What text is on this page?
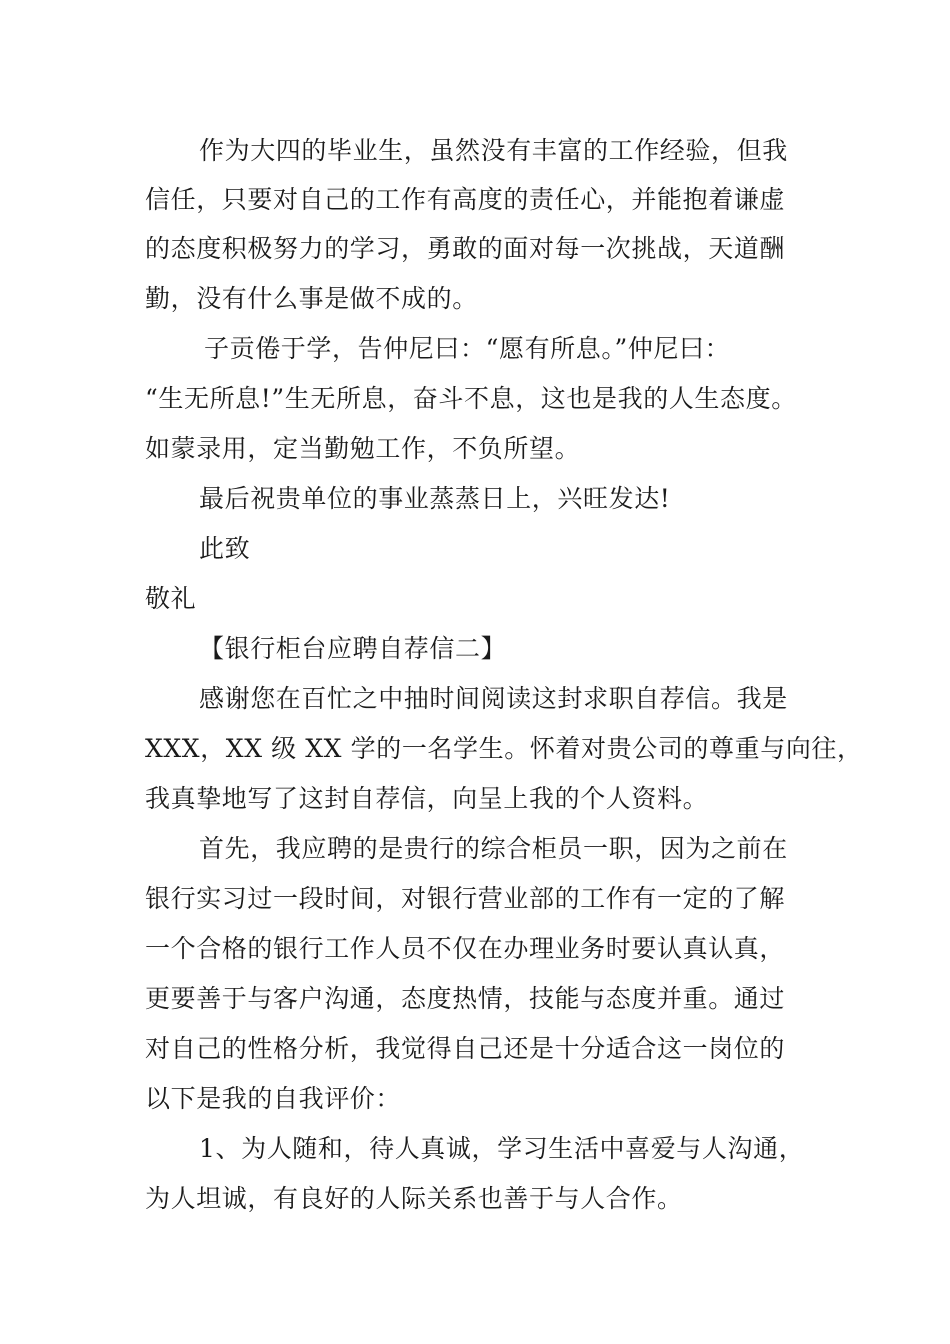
作为大四的毕业生，虽然没有丰富的工作经验，但我
信任，只要对自己的工作有高度的责任心，并能抱着谦虚
的态度积极努力的学习，勇敢的面对每一次挑战，天道酬
勤，没有什么事是做不成的。
子贡倦于学，告仲尼曰：“愿有所息。”仲尼曰：
“生无所息!”生无所息，奋斗不息，这也是我的人生态度。
如蒙录用，定当勤勉工作，不负所望。
最后祝贵单位的事业蒸蒸日上，兴旺发达!
此致
敬礼
【银行柜台应聘自荐信二】
感谢您在百忙之中抽时间阅读这封求职自荐信。我是
XXX，XX 级 XX 学的一名学生。怀着对贵公司的尊重与向往，
我真挚地写了这封自荐信，向呈上我的个人资料。
首先，我应聘的是贵行的综合柜员一职，因为之前在
银行实习过一段时间，对银行营业部的工作有一定的了解
一个合格的银行工作人员不仅在办理业务时要认真认真，
更要善于与客户沟通，态度热情，技能与态度并重。通过
对自己的性格分析，我觉得自己还是十分适合这一岗位的
以下是我的自我评价：
1、为人随和，待人真诚，学习生活中喜爱与人沟通，
为人坦诚，有良好的人际关系也善于与人合作。
